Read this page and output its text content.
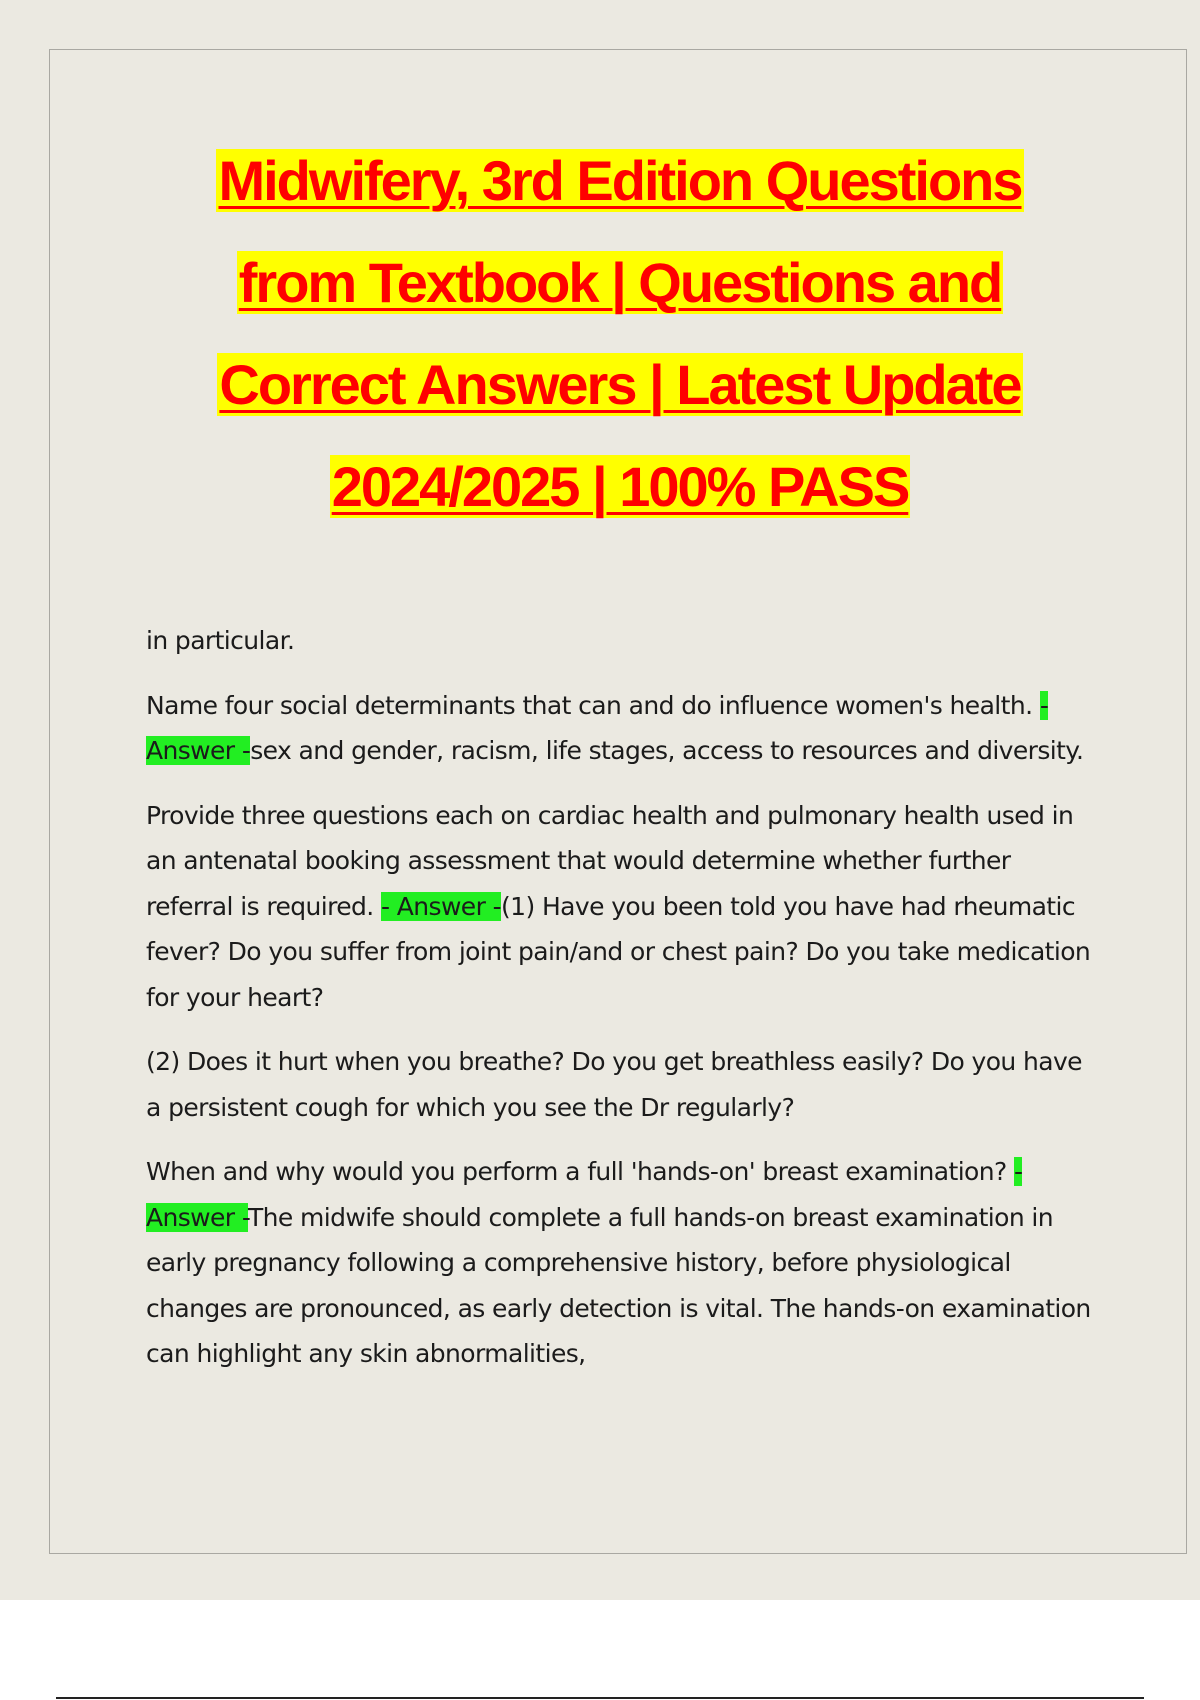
Midwifery, 3rd Edition Questions
from Textbook | Questions and
Correct Answers | Latest Update
2024/2025 | 100% PASS

in particular.

Name four social determinants that can and do influence women's health. - Answer -sex and gender, racism, life stages, access to resources and diversity.

Provide three questions each on cardiac health and pulmonary health used in an antenatal booking assessment that would determine whether further referral is required. - Answer -(1) Have you been told you have had rheumatic fever? Do you suffer from joint pain/and or chest pain? Do you take medication for your heart?

(2) Does it hurt when you breathe? Do you get breathless easily? Do you have a persistent cough for which you see the Dr regularly?

When and why would you perform a full 'hands-on' breast examination? - Answer -The midwife should complete a full hands-on breast examination in early pregnancy following a comprehensive history, before physiological changes are pronounced, as early detection is vital. The hands-on examination can highlight any skin abnormalities,
